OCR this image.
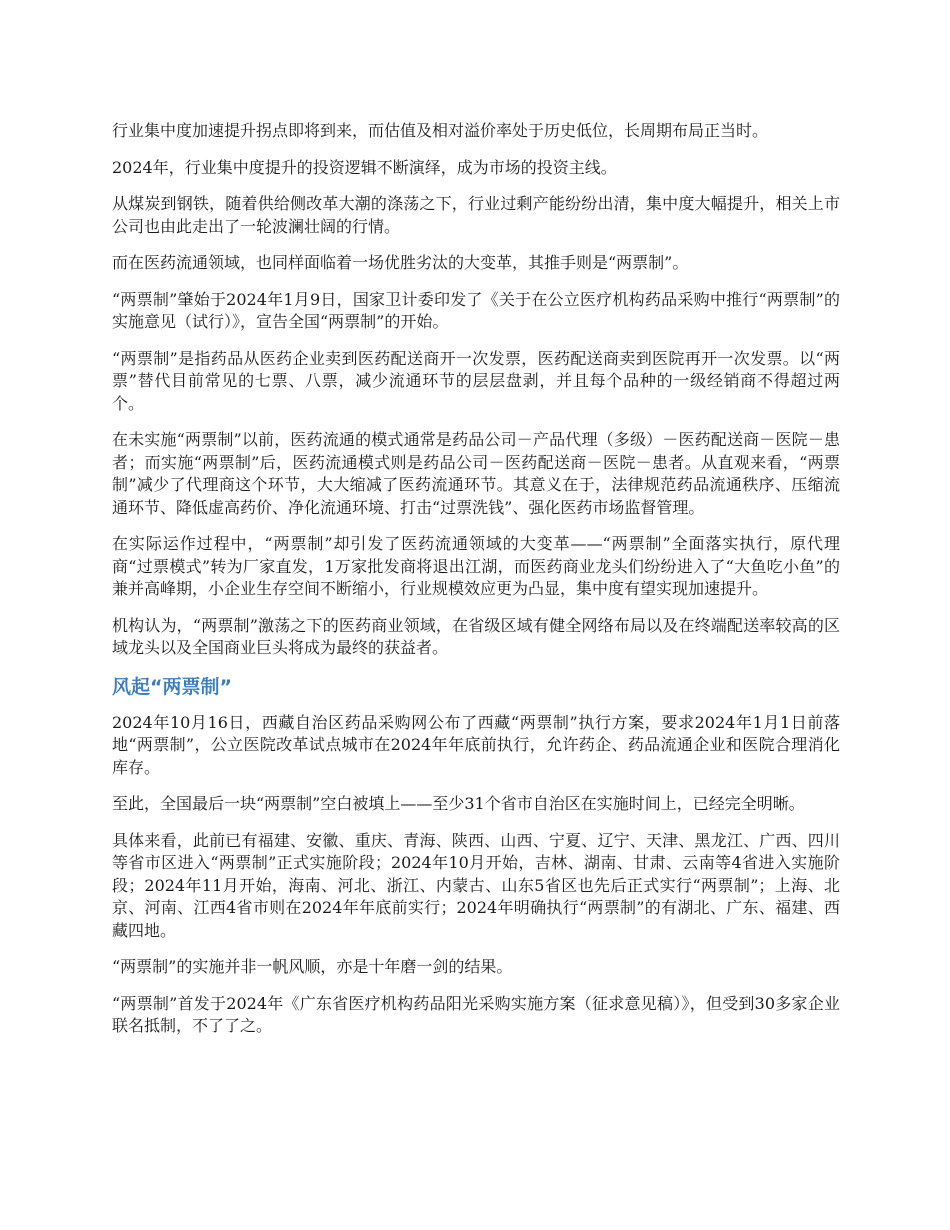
行业集中度加速提升拐点即将到来，而估值及相对溢价率处于历史低位，长周期布局正当时。

2024年，行业集中度提升的投资逻辑不断演绎，成为市场的投资主线。

从煤炭到钢铁，随着供给侧改革大潮的涤荡之下，行业过剩产能纷纷出清，集中度大幅提升，相关上市公司也由此走出了一轮波澜壮阔的行情。

而在医药流通领域，也同样面临着一场优胜劣汰的大变革，其推手则是“两票制”。

“两票制”肇始于2024年1月9日，国家卫计委印发了《关于在公立医疗机构药品采购中推行“两票制”的实施意见（试行）》，宣告全国“两票制”的开始。

“两票制”是指药品从医药企业卖到医药配送商开一次发票，医药配送商卖到医院再开一次发票。以“两票”替代目前常见的七票、八票，减少流通环节的层层盘剥，并且每个品种的一级经销商不得超过两个。

在未实施“两票制”以前，医药流通的模式通常是药品公司－产品代理（多级）－医药配送商－医院－患者；而实施“两票制”后，医药流通模式则是药品公司－医药配送商－医院－患者。从直观来看，“两票制”减少了代理商这个环节，大大缩减了医药流通环节。其意义在于，法律规范药品流通秩序、压缩流通环节、降低虚高药价、净化流通环境、打击“过票洗钱”、强化医药市场监督管理。

在实际运作过程中，“两票制”却引发了医药流通领域的大变革——“两票制”全面落实执行，原代理商“过票模式”转为厂家直发，1万家批发商将退出江湖，而医药商业龙头们纷纷进入了“大鱼吃小鱼”的兼并高峰期，小企业生存空间不断缩小，行业规模效应更为凸显，集中度有望实现加速提升。

机构认为，“两票制”激荡之下的医药商业领域，在省级区域有健全网络布局以及在终端配送率较高的区域龙头以及全国商业巨头将成为最终的获益者。

风起“两票制”

2024年10月16日，西藏自治区药品采购网公布了西藏“两票制”执行方案，要求2024年1月1日前落地“两票制”，公立医院改革试点城市在2024年年底前执行，允许药企、药品流通企业和医院合理消化库存。

至此，全国最后一块“两票制”空白被填上——至少31个省市自治区在实施时间上，已经完全明晰。

具体来看，此前已有福建、安徽、重庆、青海、陕西、山西、宁夏、辽宁、天津、黑龙江、广西、四川等省市区进入“两票制”正式实施阶段；2024年10月开始，吉林、湖南、甘肃、云南等4省进入实施阶段；2024年11月开始，海南、河北、浙江、内蒙古、山东5省区也先后正式实行“两票制”；上海、北京、河南、江西4省市则在2024年年底前实行；2024年明确执行“两票制”的有湖北、广东、福建、西藏四地。

“两票制”的实施并非一帆风顺，亦是十年磨一剑的结果。

“两票制”首发于2024年《广东省医疗机构药品阳光采购实施方案（征求意见稿）》，但受到30多家企业联名抵制，不了了之。
